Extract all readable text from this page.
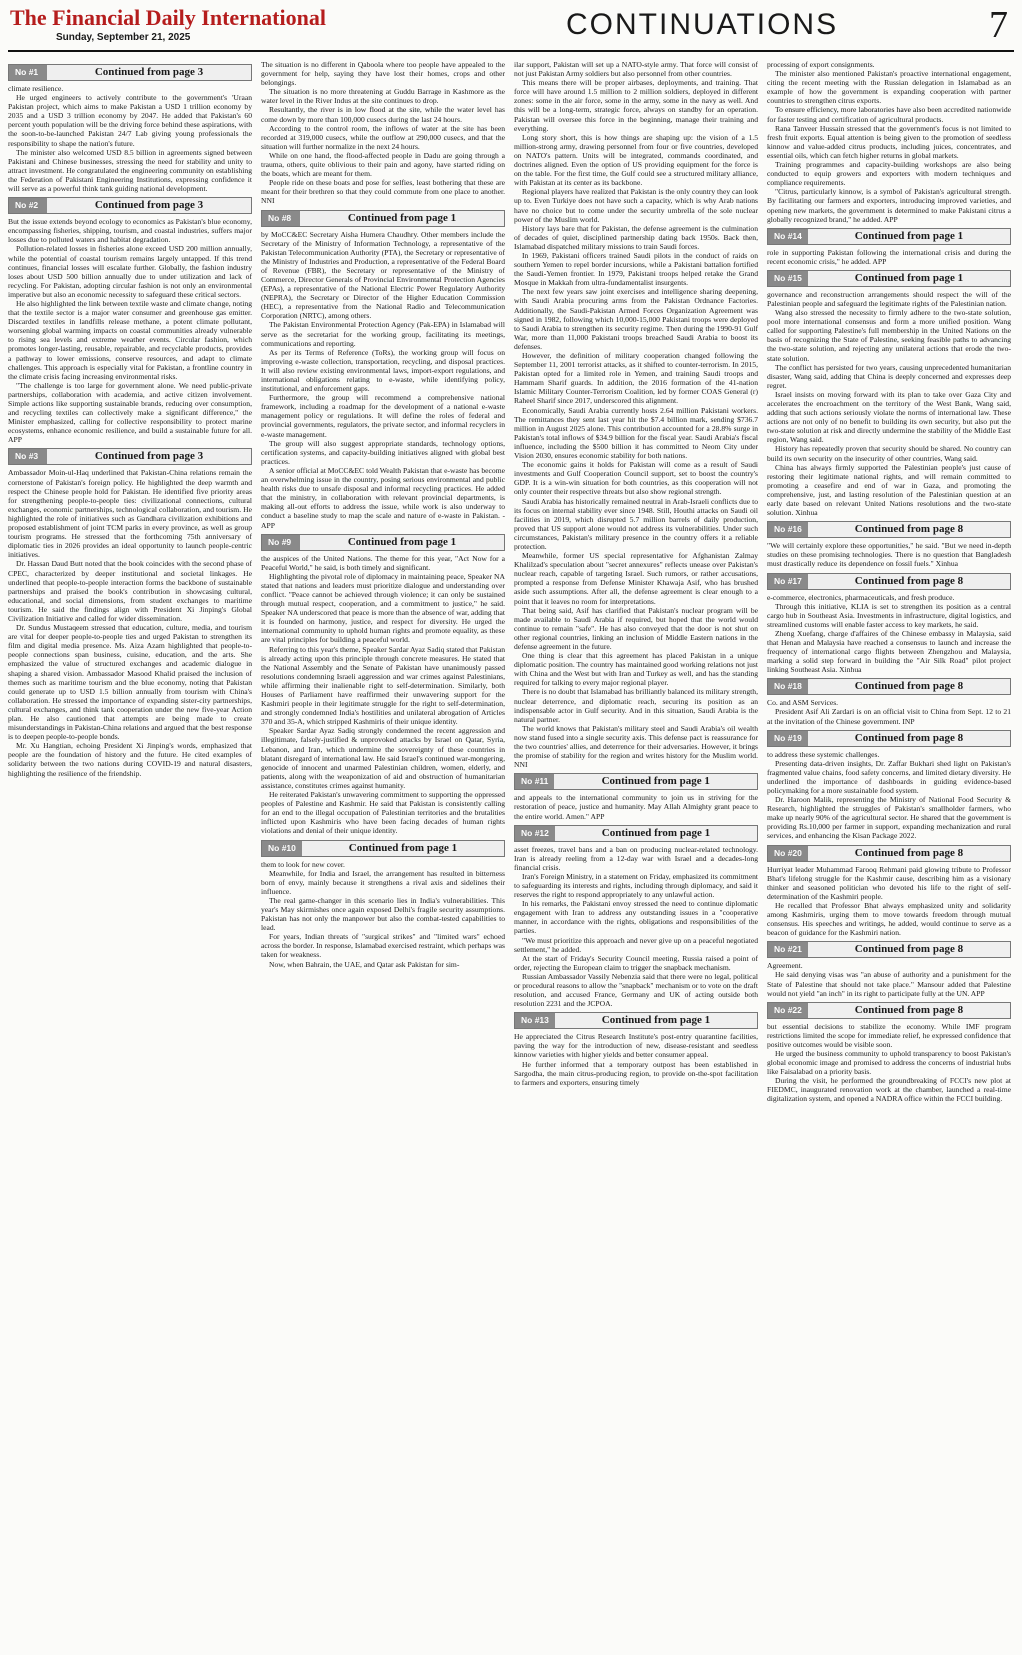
The Financial Daily International
Sunday, September 21, 2025	CONTINUATIONS	7
No #1	Continued from page 3

climate resilience.

He urged engineers to actively contribute to the government's 'Uraan Pakistan project, which aims to make Pakistan a USD 1 trillion economy by 2035 and a USD 3 trillion economy by 2047. He added that Pakistan's 60 percent youth population will be the driving force behind these aspirations, with the soon-to-be-launched Pakistan 24/7 Lab giving young professionals the responsibility to shape the nation's future.

The minister also welcomed USD 8.5 billion in agreements signed between Pakistani and Chinese businesses, stressing the need for stability and unity to attract investment. He congratulated the engineering community on establishing the Federation of Pakistani Engineering Institutions, expressing confidence it will serve as a powerful think tank guiding national development.

No #2	Continued from page 3

But the issue extends beyond ecology to economics as Pakistan's blue economy, encompassing fisheries, shipping, tourism, and coastal industries, suffers major losses due to polluted waters and habitat degradation.

Pollution-related losses in fisheries alone exceed USD 200 million annually, while the potential of coastal tourism remains largely untapped. If this trend continues, financial losses will escalate further. Globally, the fashion industry loses about USD 500 billion annually due to under utilization and lack of recycling. For Pakistan, adopting circular fashion is not only an environmental imperative but also an economic necessity to safeguard these critical sectors.

He also highlighted the link between textile waste and climate change, noting that the textile sector is a major water consumer and greenhouse gas emitter. Discarded textiles in landfills release methane, a potent climate pollutant, worsening global warming impacts on coastal communities already vulnerable to rising sea levels and extreme weather events. Circular fashion, which promotes longer-lasting, reusable, repairable, and recyclable products, provides a pathway to lower emissions, conserve resources, and adapt to climate challenges. This approach is especially vital for Pakistan, a frontline country in the climate crisis facing increasing environmental risks.

"The challenge is too large for government alone. We need public-private partnerships, collaboration with academia, and active citizen involvement. Simple actions like supporting sustainable brands, reducing over consumption, and recycling textiles can collectively make a significant difference," the Minister emphasized, calling for collective responsibility to protect marine ecosystems, enhance economic resilience, and build a sustainable future for all. APP

No #3	Continued from page 3

Ambassador Moin-ul-Haq underlined that Pakistan-China relations remain the cornerstone of Pakistan's foreign policy. He highlighted the deep warmth and respect the Chinese people hold for Pakistan. He identified five priority areas for strengthening people-to-people ties: civilizational connections, cultural exchanges, economic partnerships, technological collaboration, and tourism. He highlighted the role of initiatives such as Gandhara civilization exhibitions and proposed establishment of joint TCM parks in every province, as well as group tourism programs. He stressed that the forthcoming 75th anniversary of diplomatic ties in 2026 provides an ideal opportunity to launch people-centric initiatives.

Dr. Hassan Daud Butt noted that the book coincides with the second phase of CPEC, characterized by deeper institutional and societal linkages. He underlined that people-to-people interaction forms the backbone of sustainable partnerships and praised the book's contribution in showcasing cultural, educational, and social dimensions, from student exchanges to maritime tourism. He said the findings align with President Xi Jinping's Global Civilization Initiative and called for wider dissemination.

Dr. Sundus Mustaqeem stressed that education, culture, media, and tourism are vital for deeper people-to-people ties and urged Pakistan to strengthen its film and digital media presence. Ms. Aiza Azam highlighted that people-to-people connections span business, cuisine, education, and the arts. She emphasized the value of structured exchanges and academic dialogue in shaping a shared vision. Ambassador Masood Khalid praised the inclusion of themes such as maritime tourism and the blue economy, noting that Pakistan could generate up to USD 1.5 billion annually from tourism with China's collaboration. He stressed the importance of expanding sister-city partnerships, cultural exchanges, and think tank cooperation under the new five-year Action plan. He also cautioned that attempts are being made to create misunderstandings in Pakistan-China relations and argued that the best response is to deepen people-to-people bonds.

Mr. Xu Hangtian, echoing President Xi Jinping's words, emphasized that people are the foundation of history and the future. He cited examples of solidarity between the two nations during COVID-19 and natural disasters, highlighting the resilience of the friendship.

The situation is no different in Qaboola where too people have appealed to the government for help, saying they have lost their homes, crops and other belongings.

The situation is no more threatening at Guddu Barrage in Kashmore as the water level in the River Indus at the site continues to drop.

Resultantly, the river is in low flood at the site, while the water level has come down by more than 100,000 cusecs during the last 24 hours.

According to the control room, the inflows of water at the site has been recorded at 319,000 cusecs, while the outflow at 290,000 cusecs, and that the situation will further normalize in the next 24 hours.

While on one hand, the flood-affected people in Dadu are going through a trauma, others, quite oblivious to their pain and agony, have started riding on the boats, which are meant for them.

People ride on these boats and pose for selfies, least bothering that these are meant for their brethren so that they could commute from one place to another. NNI

No #8	Continued from page 1

by MoCC&EC Secretary Aisha Humera Chaudhry. Other members include the Secretary of the Ministry of Information Technology, a representative of the Pakistan Telecommunication Authority (PTA), the Secretary or representative of the Ministry of Industries and Production, a representative of the Federal Board of Revenue (FBR), the Secretary or representative of the Ministry of Commerce, Director Generals of Provincial Environmental Protection Agencies (EPAs), a representative of the National Electric Power Regulatory Authority (NEPRA), the Secretary or Director of the Higher Education Commission (HEC), a representative from the National Radio and Telecommunication Corporation (NRTC), among others.

The Pakistan Environmental Protection Agency (Pak-EPA) in Islamabad will serve as the secretariat for the working group, facilitating its meetings, communications and reporting.

As per its Terms of Reference (ToRs), the working group will focus on improving e-waste collection, transportation, recycling, and disposal practices. It will also review existing environmental laws, import-export regulations, and international obligations relating to e-waste, while identifying policy, institutional, and enforcement gaps.

Furthermore, the group will recommend a comprehensive national framework, including a roadmap for the development of a national e-waste management policy or regulations. It will define the roles of federal and provincial governments, regulators, the private sector, and informal recyclers in e-waste management.

The group will also suggest appropriate standards, technology options, certification systems, and capacity-building initiatives aligned with global best practices.

A senior official at MoCC&EC told Wealth Pakistan that e-waste has become an overwhelming issue in the country, posing serious environmental and public health risks due to unsafe disposal and informal recycling practices. He added that the ministry, in collaboration with relevant provincial departments, is making all-out efforts to address the issue, while work is also underway to conduct a baseline study to map the scale and nature of e-waste in Pakistan. -APP

No #9	Continued from page 1

the auspices of the United Nations. The theme for this year, "Act Now for a Peaceful World," he said, is both timely and significant.

Highlighting the pivotal role of diplomacy in maintaining peace, Speaker NA stated that nations and leaders must prioritize dialogue and understanding over conflict. "Peace cannot be achieved through violence; it can only be sustained through mutual respect, cooperation, and a commitment to justice," he said. Speaker NA underscored that peace is more than the absence of war, adding that it is founded on harmony, justice, and respect for diversity. He urged the international community to uphold human rights and promote equality, as these are vital principles for building a peaceful world.

Referring to this year's theme, Speaker Sardar Ayaz Sadiq stated that Pakistan is already acting upon this principle through concrete measures. He stated that the National Assembly and the Senate of Pakistan have unanimously passed resolutions condemning Israeli aggression and war crimes against Palestinians, while affirming their inalienable right to self-determination. Similarly, both Houses of Parliament have reaffirmed their unwavering support for the Kashmiri people in their legitimate struggle for the right to self-determination, and strongly condemned India's hostilities and unilateral abrogation of Articles 370 and 35-A, which stripped Kashmiris of their unique identity.

Speaker Sardar Ayaz Sadiq strongly condemned the recent aggression and illegitimate, falsely-justified & unprovoked attacks by Israel on Qatar, Syria, Lebanon, and Iran, which undermine the sovereignty of these countries in blatant disregard of international law. He said Israel's continued war-mongering, genocide of innocent and unarmed Palestinian children, women, elderly, and patients, along with the weaponization of aid and obstruction of humanitarian assistance, constitutes crimes against humanity.

He reiterated Pakistan's unwavering commitment to supporting the oppressed peoples of Palestine and Kashmir. He said that Pakistan is consistently calling for an end to the illegal occupation of Palestinian territories and the brutalities inflicted upon Kashmiris who have been facing decades of human rights violations and denial of their unique identity.

No #10	Continued from page 1

them to look for new cover.

Meanwhile, for India and Israel, the arrangement has resulted in bitterness born of envy, mainly because it strengthens a rival axis and sidelines their influence.

The real game-changer in this scenario lies in India's vulnerabilities. This year's May skirmishes once again exposed Delhi's fragile security assumptions. Pakistan has not only the manpower but also the combat-tested capabilities to lead.

For years, Indian threats of "surgical strikes" and "limited wars" echoed across the border. In response, Islamabad exercised restraint, which perhaps was taken for weakness.

Now, when Bahrain, the UAE, and Qatar ask Pakistan for sim-

ilar support, Pakistan will set up a NATO-style army. That force will consist of not just Pakistan Army soldiers but also personnel from other countries.

This means there will be proper airbases, deployments, and training. That force will have around 1.5 million to 2 million soldiers, deployed in different zones: some in the air force, some in the army, some in the navy as well. And this will be a long-term, strategic force, always on standby for an operation. Pakistan will oversee this force in the beginning, manage their training and everything.

Long story short, this is how things are shaping up: the vision of a 1.5 million-strong army, drawing personnel from four or five countries, developed on NATO's pattern. Units will be integrated, commands coordinated, and doctrines aligned. Even the option of US providing equipment for the force is on the table. For the first time, the Gulf could see a structured military alliance, with Pakistan at its center as its backbone.

Regional players have realized that Pakistan is the only country they can look up to. Even Turkiye does not have such a capacity, which is why Arab nations have no choice but to come under the security umbrella of the sole nuclear power of the Muslim world.

History lays bare that for Pakistan, the defense agreement is the culmination of decades of quiet, disciplined partnership dating back 1950s. Back then, Islamabad dispatched military missions to train Saudi forces.

In 1969, Pakistani officers trained Saudi pilots in the conduct of raids on southern Yemen to repel border incursions, while a Pakistani battalion fortified the Saudi-Yemen frontier. In 1979, Pakistani troops helped retake the Grand Mosque in Makkah from ultra-fundamentalist insurgents.

The next few years saw joint exercises and intelligence sharing deepening, with Saudi Arabia procuring arms from the Pakistan Ordnance Factories. Additionally, the Saudi-Pakistan Armed Forces Organization Agreement was signed in 1982, following which 10,000-15,000 Pakistani troops were deployed to Saudi Arabia to strengthen its security regime. Then during the 1990-91 Gulf War, more than 11,000 Pakistani troops breached Saudi Arabia to boost its defenses.

However, the definition of military cooperation changed following the September 11, 2001 terrorist attacks, as it shifted to counter-terrorism. In 2015, Pakistan opted for a limited role in Yemen, and training Saudi troops and Hammam Sharif guards. In addition, the 2016 formation of the 41-nation Islamic Military Counter-Terrorism Coalition, led by former COAS General (r) Raheel Sharif since 2017, underscored this alignment.

Economically, Saudi Arabia currently hosts 2.64 million Pakistani workers. The remittances they sent last year hit the $7.4 billion mark, sending $736.7 million in August 2025 alone. This contribution accounted for a 28.8% surge in Pakistan's total inflows of $34.9 billion for the fiscal year. Saudi Arabia's fiscal influence, including the $500 billion it has committed to Neom City under Vision 2030, ensures economic stability for both nations.

The economic gains it holds for Pakistan will come as a result of Saudi investments and Gulf Cooperation Council support, set to boost the country's GDP. It is a win-win situation for both countries, as this cooperation will not only counter their respective threats but also show regional strength.

Saudi Arabia has historically remained neutral in Arab-Israeli conflicts due to its focus on internal stability ever since 1948. Still, Houthi attacks on Saudi oil facilities in 2019, which disrupted 5.7 million barrels of daily production, proved that US support alone would not address its vulnerabilities. Under such circumstances, Pakistan's military presence in the country offers it a reliable protection.

Meanwhile, former US special representative for Afghanistan Zalmay Khalilzad's speculation about "secret annexures" reflects unease over Pakistan's nuclear reach, capable of targeting Israel. Such rumors, or rather accusations, prompted a response from Defense Minister Khawaja Asif, who has brushed aside such assumptions. After all, the defense agreement is clear enough to a point that it leaves no room for interpretations.

That being said, Asif has clarified that Pakistan's nuclear program will be made available to Saudi Arabia if required, but hoped that the world would continue to remain "safe". He has also conveyed that the door is not shut on other regional countries, linking an inclusion of Middle Eastern nations in the defense agreement in the future.

One thing is clear that this agreement has placed Pakistan in a unique diplomatic position. The country has maintained good working relations not just with China and the West but with Iran and Turkey as well, and has the standing required for talking to every major regional player.

There is no doubt that Islamabad has brilliantly balanced its military strength, nuclear deterrence, and diplomatic reach, securing its position as an indispensable actor in Gulf security. And in this situation, Saudi Arabia is the natural partner.

The world knows that Pakistan's military steel and Saudi Arabia's oil wealth now stand fused into a single security axis. This defense pact is reassurance for the two countries' allies, and deterrence for their adversaries. However, it brings the promise of stability for the region and writes history for the Muslim world. NNI

No #11	Continued from page 1

and appeals to the international community to join us in striving for the restoration of peace, justice and humanity. May Allah Almighty grant peace to the entire world. Amen." APP

No #12	Continued from page 1

asset freezes, travel bans and a ban on producing nuclear-related technology. Iran is already reeling from a 12-day war with Israel and a decades-long financial crisis.

Iran's Foreign Ministry, in a statement on Friday, emphasized its commitment to safeguarding its interests and rights, including through diplomacy, and said it reserves the right to respond appropriately to any unlawful action.

In his remarks, the Pakistani envoy stressed the need to continue diplomatic engagement with Iran to address any outstanding issues in a "cooperative manner, in accordance with the rights, obligations and responsibilities of the parties.

"We must prioritize this approach and never give up on a peaceful negotiated settlement," he added.

At the start of Friday's Security Council meeting, Russia raised a point of order, rejecting the European claim to trigger the snapback mechanism.

Russian Ambassador Vassily Nebenzia said that there were no legal, political or procedural reasons to allow the "snapback" mechanism or to vote on the draft resolution, and accused France, Germany and UK of acting outside both resolution 2231 and the JCPOA.

No #13	Continued from page 1

He appreciated the Citrus Research Institute's post-entry quarantine facilities, paving the way for the introduction of new, disease-resistant and seedless kinnow varieties with higher yields and better consumer appeal.

He further informed that a temporary outpost has been established in Sargodha, the main citrus-producing region, to provide on-the-spot facilitation to farmers and exporters, ensuring timely

processing of export consignments.

The minister also mentioned Pakistan's proactive international engagement, citing the recent meeting with the Russian delegation in Islamabad as an example of how the government is expanding cooperation with partner countries to strengthen citrus exports.

To ensure efficiency, more laboratories have also been accredited nationwide for faster testing and certification of agricultural products.

Rana Tanveer Hussain stressed that the government's focus is not limited to fresh fruit exports. Equal attention is being given to the promotion of seedless kinnow and value-added citrus products, including juices, concentrates, and essential oils, which can fetch higher returns in global markets.

Training programmes and capacity-building workshops are also being conducted to equip growers and exporters with modern techniques and compliance requirements.

"Citrus, particularly kinnow, is a symbol of Pakistan's agricultural strength. By facilitating our farmers and exporters, introducing improved varieties, and opening new markets, the government is determined to make Pakistani citrus a globally recognized brand," he added. APP

No #14	Continued from page 1

role in supporting Pakistan following the international crisis and during the recent economic crisis," he added. APP

No #15	Continued from page 1

governance and reconstruction arrangements should respect the will of the Palestinian people and safeguard the legitimate rights of the Palestinian nation.

Wang also stressed the necessity to firmly adhere to the two-state solution, pool more international consensus and form a more unified position. Wang called for supporting Palestine's full membership in the United Nations on the basis of recognizing the State of Palestine, seeking feasible paths to advancing the two-state solution, and rejecting any unilateral actions that erode the two-state solution.

The conflict has persisted for two years, causing unprecedented humanitarian disaster, Wang said, adding that China is deeply concerned and expresses deep regret.

Israel insists on moving forward with its plan to take over Gaza City and accelerates the encroachment on the territory of the West Bank, Wang said, adding that such actions seriously violate the norms of international law. These actions are not only of no benefit to building its own security, but also put the two-state solution at risk and directly undermine the stability of the Middle East region, Wang said.

History has repeatedly proven that security should be shared. No country can build its own security on the insecurity of other countries, Wang said.

China has always firmly supported the Palestinian people's just cause of restoring their legitimate national rights, and will remain committed to promoting a ceasefire and end of war in Gaza, and promoting the comprehensive, just, and lasting resolution of the Palestinian question at an early date based on relevant United Nations resolutions and the two-state solution. Xinhua

No #16	Continued from page 8

"We will certainly explore these opportunities," he said. "But we need in-depth studies on these promising technologies. There is no question that Bangladesh must drastically reduce its dependence on fossil fuels." Xinhua

No #17	Continued from page 8

e-commerce, electronics, pharmaceuticals, and fresh produce.

Through this initiative, KLIA is set to strengthen its position as a central cargo hub in Southeast Asia. Investments in infrastructure, digital logistics, and streamlined customs will enable faster access to key markets, he said.

Zheng Xuefang, charge d'affaires of the Chinese embassy in Malaysia, said that Henan and Malaysia have reached a consensus to launch and increase the frequency of international cargo flights between Zhengzhou and Malaysia, marking a solid step forward in building the "Air Silk Road" pilot project linking Southeast Asia. Xinhua

No #18	Continued from page 8

Co. and ASM Services.

President Asif Ali Zardari is on an official visit to China from Sept. 12 to 21 at the invitation of the Chinese government. INP

No #19	Continued from page 8

to address these systemic challenges.

Presenting data-driven insights, Dr. Zaffar Bukhari shed light on Pakistan's fragmented value chains, food safety concerns, and limited dietary diversity. He underlined the importance of dashboards in guiding evidence-based policymaking for a more sustainable food system.

Dr. Haroon Malik, representing the Ministry of National Food Security & Research, highlighted the struggles of Pakistan's smallholder farmers, who make up nearly 90% of the agricultural sector. He shared that the government is providing Rs.10,000 per farmer in support, expanding mechanization and rural services, and enhancing the Kisan Package 2022.

No #20	Continued from page 8

Hurriyat leader Muhammad Farooq Rehmani paid glowing tribute to Professor Bhat's lifelong struggle for the Kashmir cause, describing him as a visionary thinker and seasoned politician who devoted his life to the right of self-determination of the Kashmiri people.

He recalled that Professor Bhat always emphasized unity and solidarity among Kashmiris, urging them to move towards freedom through mutual consensus. His speeches and writings, he added, would continue to serve as a beacon of guidance for the Kashmiri nation.

No #21	Continued from page 8

Agreement.

He said denying visas was "an abuse of authority and a punishment for the State of Palestine that should not take place." Mansour added that Palestine would not yield "an inch" in its right to participate fully at the UN. APP

No #22	Continued from page 8

but essential decisions to stabilize the economy. While IMF program restrictions limited the scope for immediate relief, he expressed confidence that positive outcomes would be visible soon.

He urged the business community to uphold transparency to boost Pakistan's global economic image and promised to address the concerns of industrial hubs like Faisalabad on a priority basis.

During the visit, he performed the groundbreaking of FCCI's new plot at FIEDMC, inaugurated renovation work at the chamber, launched a real-time digitalization system, and opened a NADRA office within the FCCI building.
